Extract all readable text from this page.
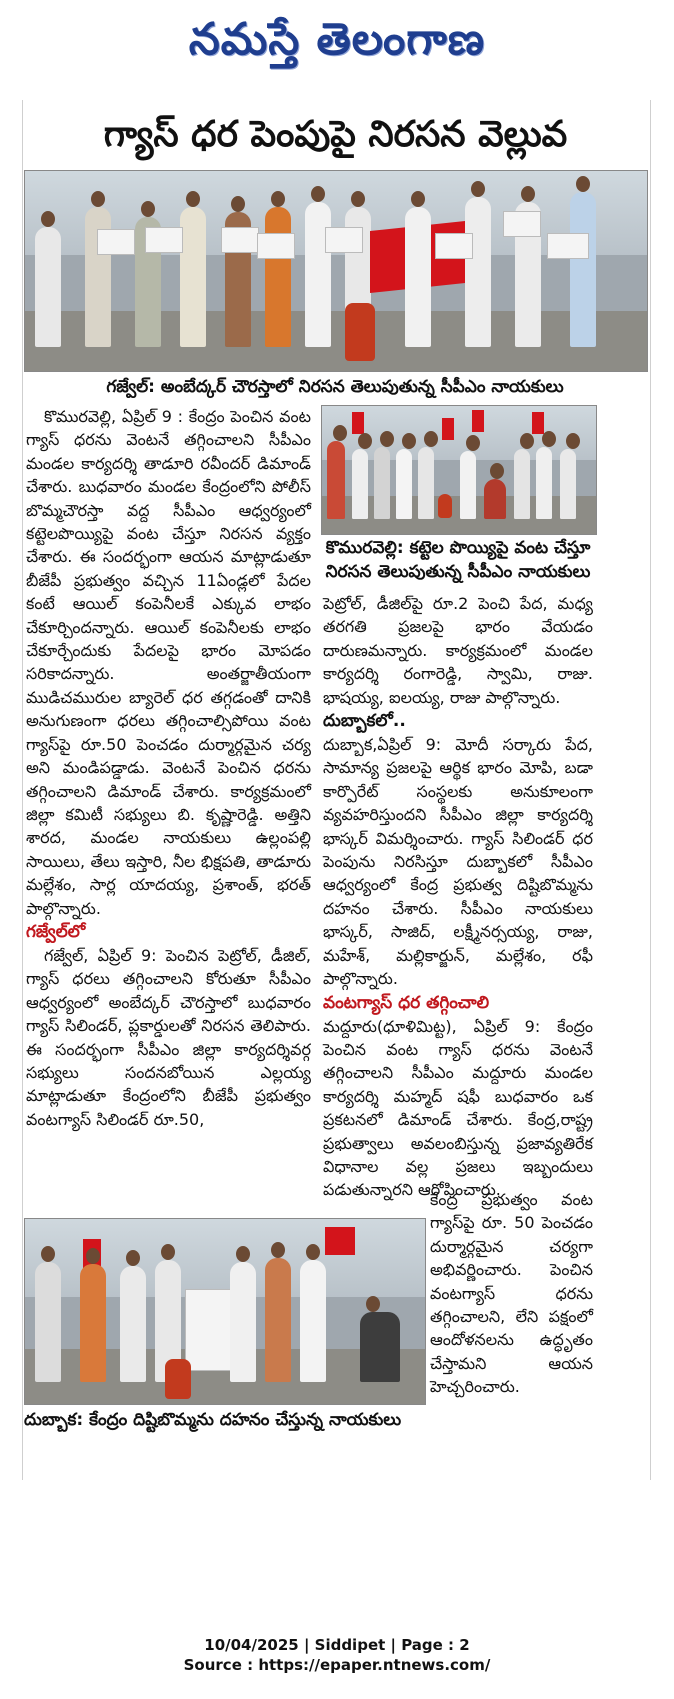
నమస్తే తెలంగాణ
గ్యాస్ ధర పెంపుపై నిరసన వెల్లువ
గజ్వేల్: అంబేద్కర్ చౌరస్తాలో నిరసన తెలుపుతున్న సీపీఎం నాయకులు

కొమురవెల్లి, ఏప్రిల్ 9 : కేంద్రం పెంచిన వంట గ్యాస్ ధరను వెంటనే తగ్గించాలని సీపీఎం మండల కార్యదర్శి తాడూరి రవీందర్ డిమాండ్ చేశారు. బుధవారం మండల కేంద్రంలోని పోలీస్ బొమ్మచౌరస్తా వద్ద సీపీఎం ఆధ్వర్యంలో కట్టెలపొయ్యిపై వంట చేస్తూ నిరసన వ్యక్తం చేశారు. ఈ సందర్భంగా ఆయన మాట్లాడుతూ బీజేపీ ప్రభుత్వం వచ్చిన 11ఏండ్లలో పేదల కంటే ఆయిల్ కంపెనీలకే ఎక్కువ లాభం చేకూర్చిందన్నారు. ఆయిల్ కంపెనీలకు లాభం చేకూర్చేందుకు పేదలపై భారం మోపడం సరికాదన్నారు. అంతర్జాతీయంగా ముడిచమురుల బ్యారెల్ ధర తగ్గడంతో దానికి అనుగుణంగా ధరలు తగ్గించాల్సిపోయి వంట గ్యాస్‌పై రూ.50 పెంచడం దుర్మార్గమైన చర్య అని మండిపడ్డాడు. వెంటనే పెంచిన ధరను తగ్గించాలని డిమాండ్ చేశారు. కార్యక్రమంలో జిల్లా కమిటీ సభ్యులు బి. కృష్ణారెడ్డి. అత్తిని శారద, మండల నాయకులు ఉల్లంపల్లి సాయిలు, తేలు ఇస్తారి, నీల భిక్షపతి, తాడూరు మల్లేశం, సార్ల యాదయ్య, ప్రశాంత్, భరత్ పాల్గొన్నారు.

గజ్వేల్‌లో

గజ్వేల్, ఏప్రిల్ 9: పెంచిన పెట్రోల్, డీజిల్, గ్యాస్ ధరలు తగ్గించాలని కోరుతూ సీపీఎం ఆధ్వర్యంలో అంబేద్కర్ చౌరస్తాలో బుధవారం గ్యాస్ సిలిండర్, ప్లకార్డులతో నిరసన తెలిపారు. ఈ సందర్భంగా సీపీఎం జిల్లా కార్యదర్శివర్గ సభ్యులు సందనబోయిన ఎల్లయ్య మాట్లాడుతూ కేంద్రంలోని బీజేపీ ప్రభుత్వం వంటగ్యాస్ సిలిండర్ రూ.50,

కొమురవెల్లి: కట్టెల పొయ్యిపై వంట చేస్తూ
నిరసన తెలుపుతున్న సీపీఎం నాయకులు

పెట్రోల్, డీజిల్‌పై రూ.2 పెంచి పేద, మధ్య తరగతి ప్రజలపై భారం వేయడం దారుణమన్నారు. కార్యక్రమంలో మండల కార్యదర్శి రంగారెడ్డి, స్వామి, రాజు. భాషయ్య, ఐలయ్య, రాజు పాల్గొన్నారు.

దుబ్బాకలో..

దుబ్బాక,ఏప్రిల్ 9: మోదీ సర్కారు పేద, సామాన్య ప్రజలపై ఆర్థిక భారం మోపి, బడా కార్పొరేట్ సంస్థలకు అనుకూలంగా వ్యవహరిస్తుందని సీపీఎం జిల్లా కార్యదర్శి భాస్కర్ విమర్శించారు. గ్యాస్ సిలిండర్ ధర పెంపును నిరసిస్తూ దుబ్బాకలో సీపీఎం ఆధ్వర్యంలో కేంద్ర ప్రభుత్వ దిష్టిబొమ్మను దహనం చేశారు. సీపీఎం నాయకులు భాస్కర్, సాజిద్, లక్ష్మీనర్సయ్య, రాజు, మహేశ్, మల్లికార్జున్, మల్లేశం, రఫీ పాల్గొన్నారు.

వంటగ్యాస్ ధర తగ్గించాలి

మద్దూరు(ధూళిమిట్ట), ఏప్రిల్ 9: కేంద్రం పెంచిన వంట గ్యాస్ ధరను వెంటనే తగ్గించాలని సీపీఎం మద్దూరు మండల కార్యదర్శి మహ్మద్ షఫీ బుధవారం ఒక ప్రకటనలో డిమాండ్ చేశారు. కేంద్ర,రాష్ట్ర ప్రభుత్వాలు అవలంబిస్తున్న ప్రజావ్యతిరేక విధానాల వల్ల ప్రజలు ఇబ్బందులు పడుతున్నారని ఆరోపించారు.

కేంద్ర ప్రభుత్వం వంట గ్యాస్‌పై రూ. 50 పెంచడం దుర్మార్గమైన చర్యగా అభివర్ణించారు. పెంచిన వంటగ్యాస్ ధరను తగ్గించాలని, లేని పక్షంలో ఆందోళనలను ఉద్ధృతం చేస్తామని ఆయన హెచ్చరించారు.

దుబ్బాక: కేంద్రం దిష్టిబొమ్మను దహనం చేస్తున్న నాయకులు
10/04/2025 | Siddipet | Page : 2
Source : https://epaper.ntnews.com/
